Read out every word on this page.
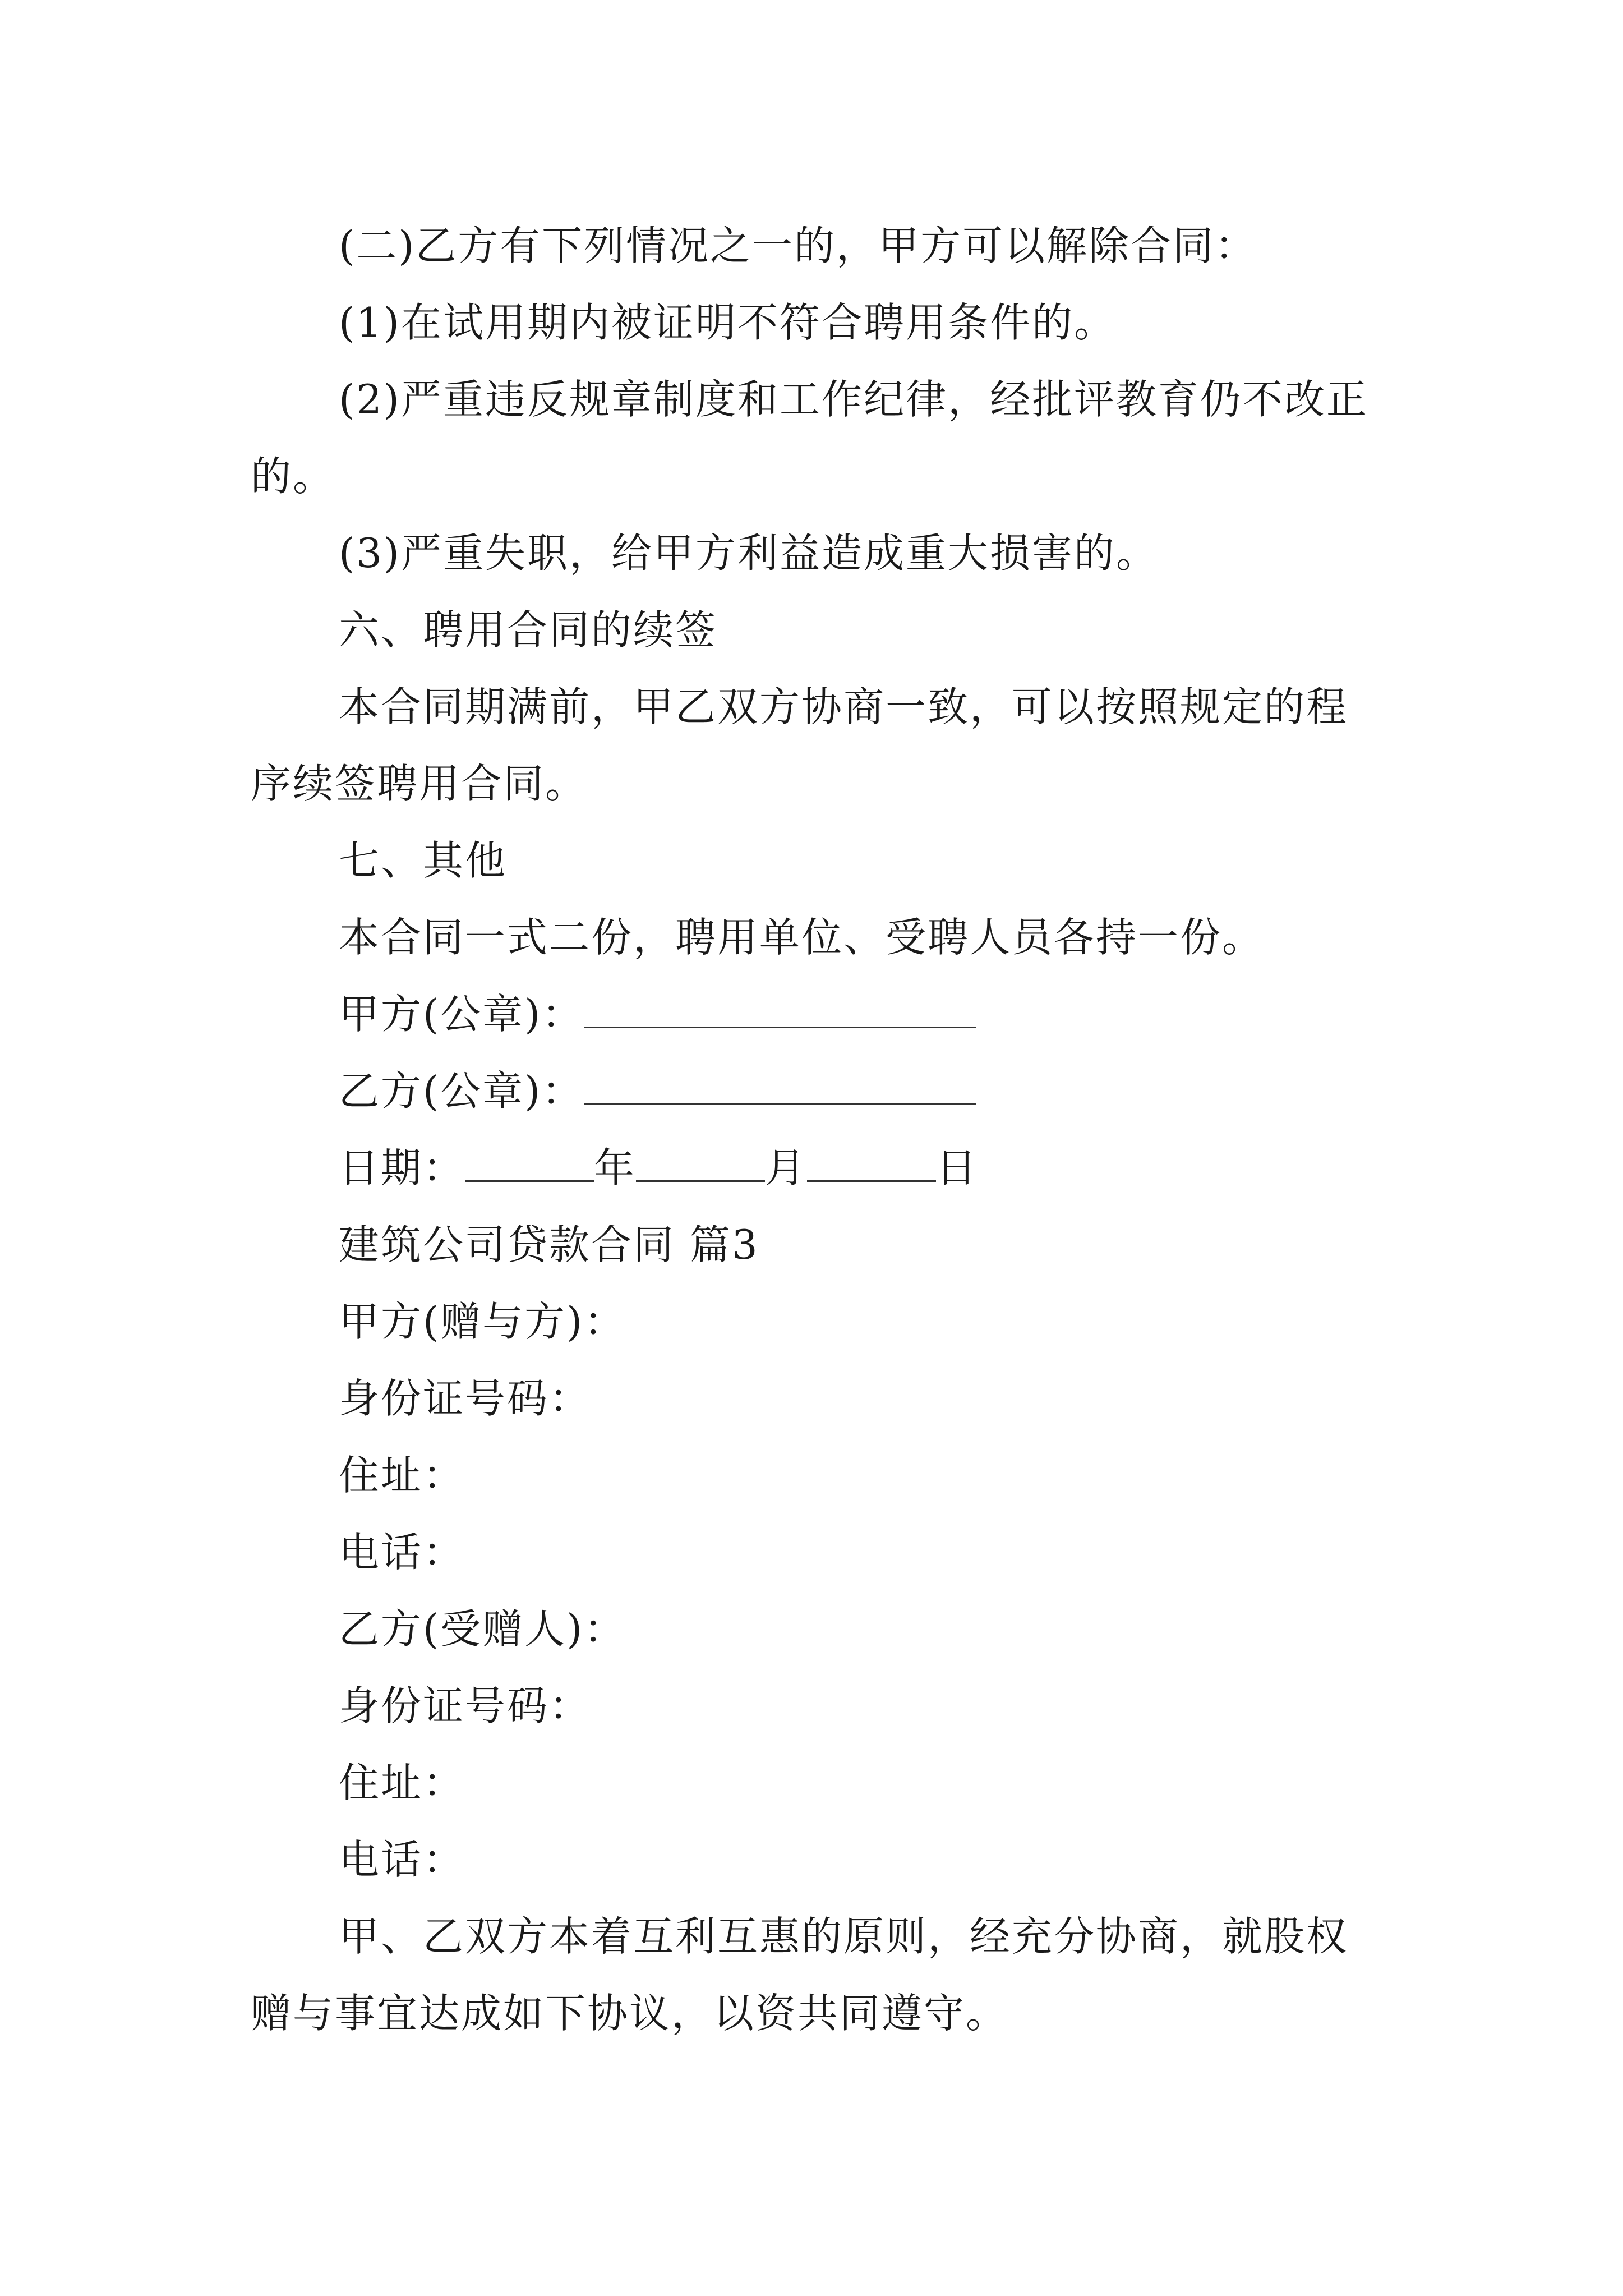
(二)乙方有下列情况之一的，甲方可以解除合同：

(1)在试用期内被证明不符合聘用条件的。

(2)严重违反规章制度和工作纪律，经批评教育仍不改正的。

(3)严重失职，给甲方利益造成重大损害的。

六、聘用合同的续签

本合同期满前，甲乙双方协商一致，可以按照规定的程序续签聘用合同。

七、其他

本合同一式二份，聘用单位、受聘人员各持一份。

甲方(公章)：

乙方(公章)：

日期：	年	月	日

建筑公司贷款合同 篇3

甲方(赠与方)：

身份证号码：

住址：

电话：

乙方(受赠人)：

身份证号码：

住址：

电话：

甲、乙双方本着互利互惠的原则，经充分协商，就股权赠与事宜达成如下协议，以资共同遵守。
